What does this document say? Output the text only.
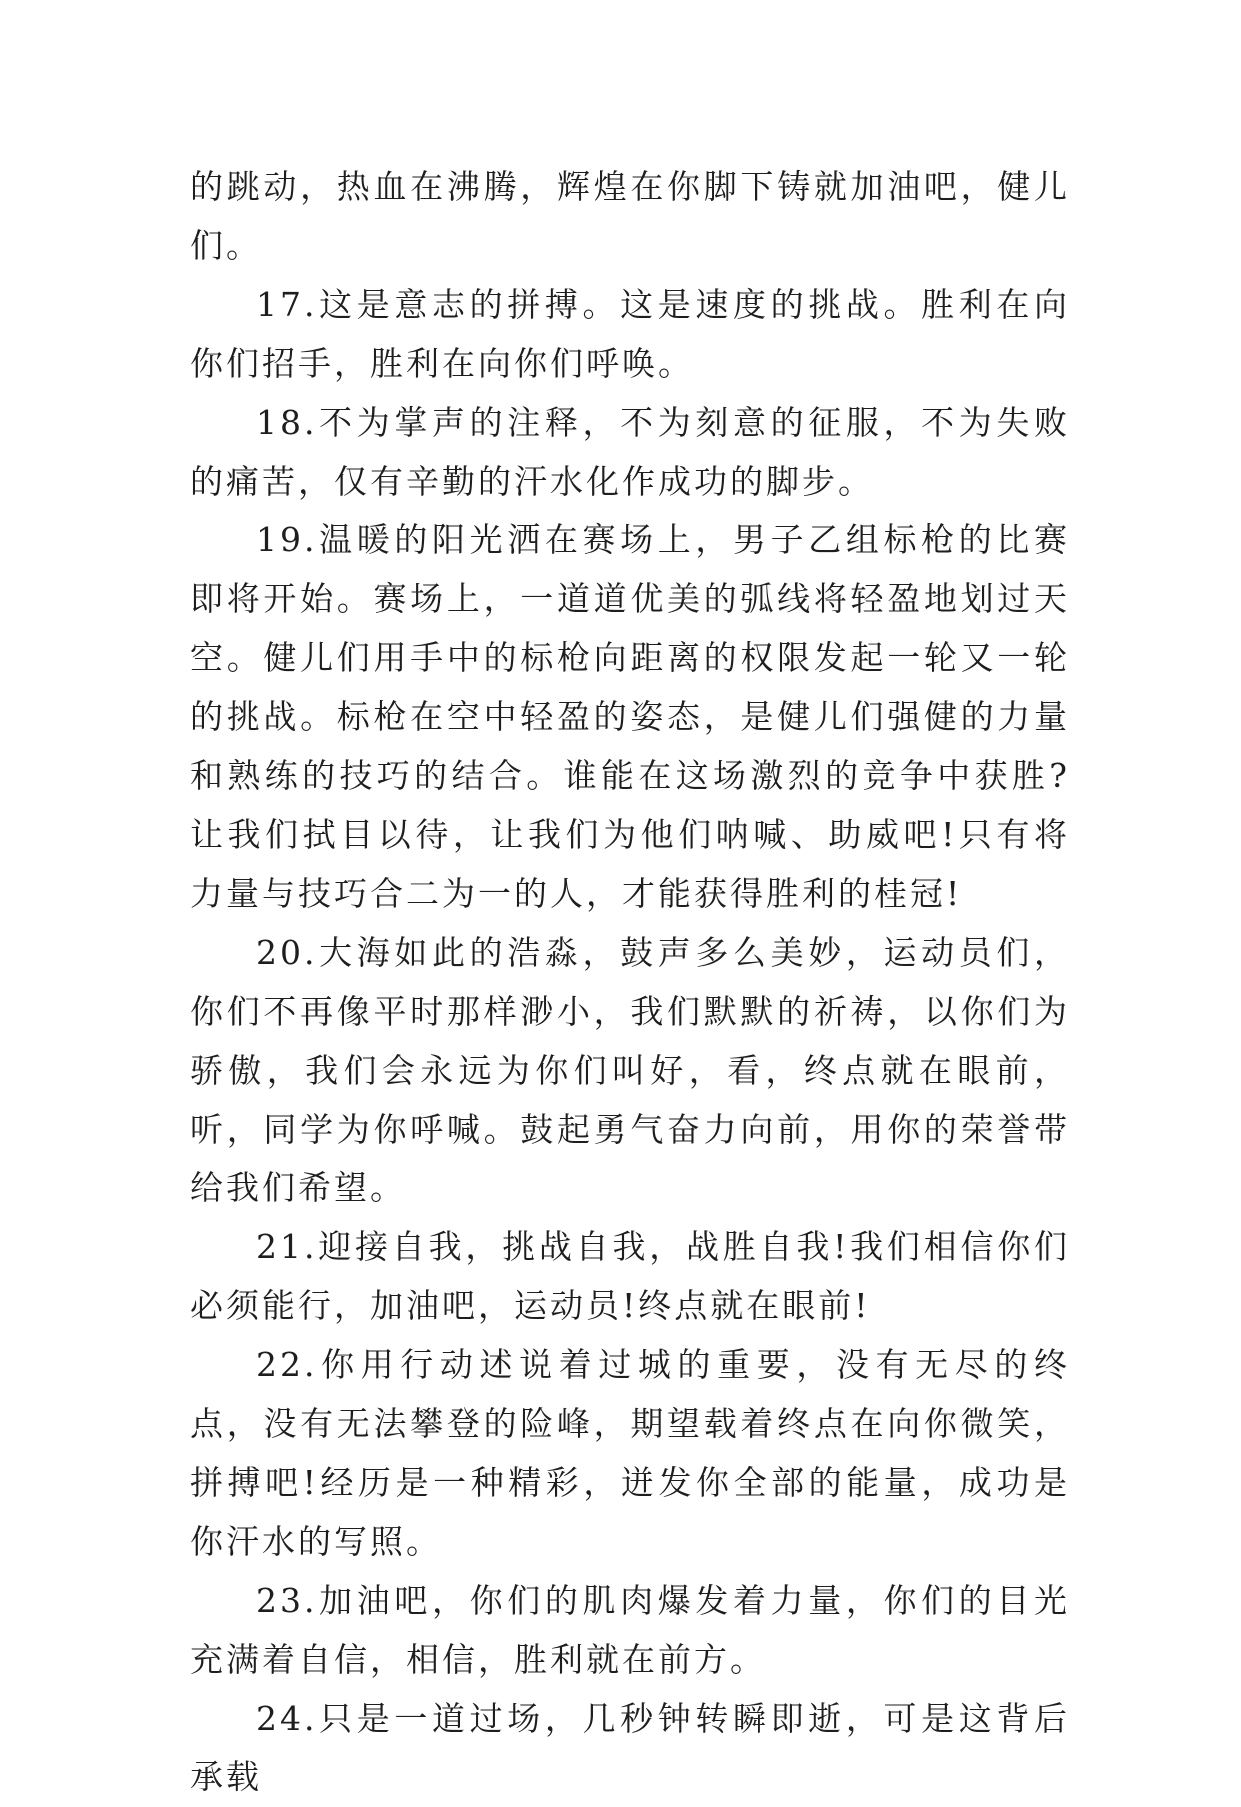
的跳动，热血在沸腾，辉煌在你脚下铸就加油吧，健儿们。

17.这是意志的拼搏。这是速度的挑战。胜利在向你们招手，胜利在向你们呼唤。

18.不为掌声的注释，不为刻意的征服，不为失败的痛苦，仅有辛勤的汗水化作成功的脚步。

19.温暖的阳光洒在赛场上，男子乙组标枪的比赛即将开始。赛场上，一道道优美的弧线将轻盈地划过天空。健儿们用手中的标枪向距离的权限发起一轮又一轮的挑战。标枪在空中轻盈的姿态，是健儿们强健的力量和熟练的技巧的结合。谁能在这场激烈的竞争中获胜?让我们拭目以待，让我们为他们呐喊、助威吧!只有将力量与技巧合二为一的人，才能获得胜利的桂冠!

20.大海如此的浩淼，鼓声多么美妙，运动员们，你们不再像平时那样渺小，我们默默的祈祷，以你们为骄傲，我们会永远为你们叫好，看，终点就在眼前，听，同学为你呼喊。鼓起勇气奋力向前，用你的荣誉带给我们希望。

21.迎接自我，挑战自我，战胜自我!我们相信你们必须能行，加油吧，运动员!终点就在眼前!

22.你用行动述说着过城的重要，没有无尽的终点，没有无法攀登的险峰，期望载着终点在向你微笑，拼搏吧!经历是一种精彩，迸发你全部的能量，成功是你汗水的写照。

23.加油吧，你们的肌肉爆发着力量，你们的目光充满着自信，相信，胜利就在前方。

24.只是一道过场，几秒钟转瞬即逝，可是这背后承载
